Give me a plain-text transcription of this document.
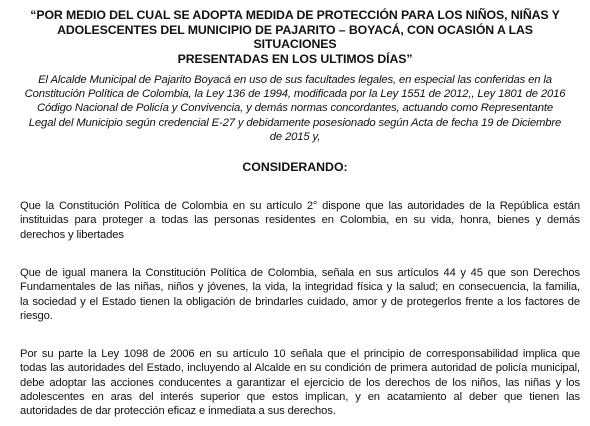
“POR MEDIO DEL CUAL SE ADOPTA MEDIDA DE PROTECCIÓN PARA LOS NIÑOS, NIÑAS Y
ADOLESCENTES DEL MUNICIPIO DE PAJARITO – BOYACÁ, CON OCASIÓN A LAS SITUACIONES
PRESENTADAS EN LOS ULTIMOS DÍAS”

El Alcalde Municipal de Pajarito Boyacá en uso de sus facultades legales, en especial las conferidas en la
Constitución Política de Colombia, la Ley 136 de 1994, modificada por la Ley 1551 de 2012,, Ley 1801 de 2016
Código Nacional de Policía y Convivencia, y demás normas concordantes, actuando como Representante
Legal del Municipio según credencial E-27 y debidamente posesionado según Acta de fecha 19 de Diciembre
de 2015 y,

CONSIDERANDO:

Que la Constitución Política de Colombia en su artículo 2° dispone que las autoridades de la República están
instituidas para proteger a todas las personas residentes en Colombia, en su vida, honra, bienes y demás
derechos y libertades

Que de igual manera la Constitución Política de Colombia, señala en sus artículos 44 y 45 que son Derechos
Fundamentales de las niñas, niños y jóvenes, la vida, la integridad física y la salud; en consecuencia, la familia,
la sociedad y el Estado tienen la obligación de brindarles cuidado, amor y de protegerlos frente a los factores de
riesgo.

Por su parte la Ley 1098 de 2006 en su artículo 10 señala que el principio de corresponsabilidad implica que
todas las autoridades del Estado, incluyendo al Alcalde en su condición de primera autoridad de policía municipal,
debe adoptar las acciones conducentes a garantizar el ejercicio de los derechos de los niños, las niñas y los
adolescentes en aras del interés superior que estos implican, y en acatamiento al deber que tienen las
autoridades de dar protección eficaz e inmediata a sus derechos.
